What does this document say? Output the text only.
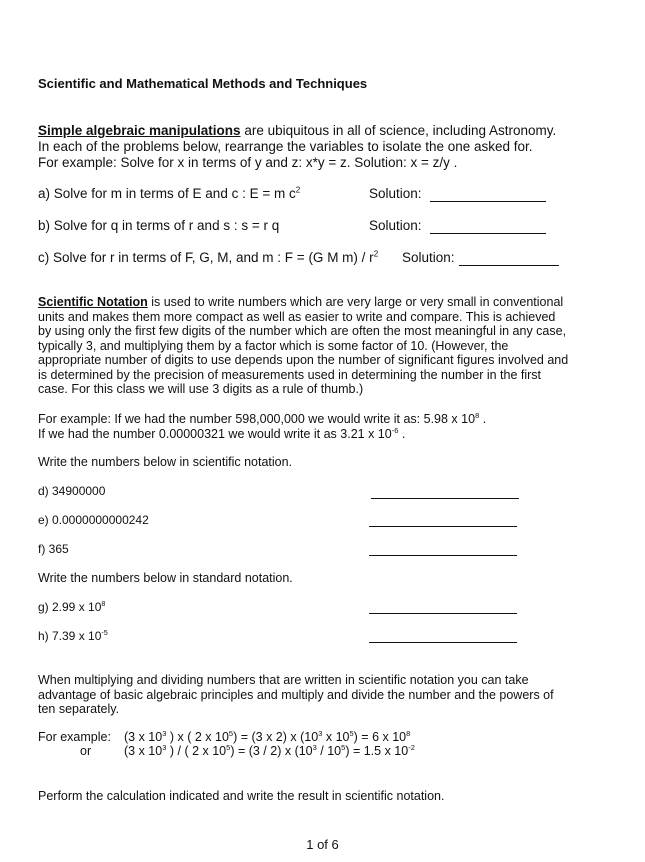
Scientific and Mathematical Methods and Techniques
Simple algebraic manipulations are ubiquitous in all of science, including Astronomy.
In each of the problems below, rearrange the variables to isolate the one asked for.
For example: Solve for x in terms of y and z: x*y = z. Solution: x = z/y .
a) Solve for m in terms of E and c : E = m $c^2$	Solution:
b) Solve for q in terms of r and s : s = r q	Solution:
c) Solve for r in terms of F, G, M, and m : F = (G M $m) / r^2$ Solution:
Scientific Notation is used to write numbers which are very large or very small in conventional
units and makes them more compact as well as easier to write and compare. This is achieved
by using only the first few digits of the number which are often the most meaningful in any case,
typically 3, and multiplying them by a factor which is some factor of 10. (However, the
appropriate number of digits to use depends upon the number of significant figures involved and
is determined by the precision of measurements used in determining the number in the first
case. For this class we will use 3 digits as a rule of thumb.)
For example: If we had the number 598,000,000 we would write it as: 5.98 x $10^8$ .
If we had the number 0.00000321 we would write it as 3.21 x $10^{-6}$ .
Write the numbers below in scientific notation.
d) 34900000
e) 0.0000000000242
f) 365
Write the numbers below in standard notation.
g) 2.99 x $10^8$
h) 7.39 x $10^{-5}$
When multiplying and dividing numbers that are written in scientific notation you can take
advantage of basic algebraic principles and multiply and divide the number and the powers of
ten separately.
For example: (3 x $10^3$ ) x ( 2 x $10^5) = (3$ x 2) x ($10^3$ x $10^5) = 6$ x $10^8$
or	(3 x $10^3$ ) / ( 2 x $10^5) = (3 / 2)$ x $(10^3 / 10^5) = 1.5$ x $10^{-2}$
Perform the calculation indicated and write the result in scientific notation.
1 of 6
